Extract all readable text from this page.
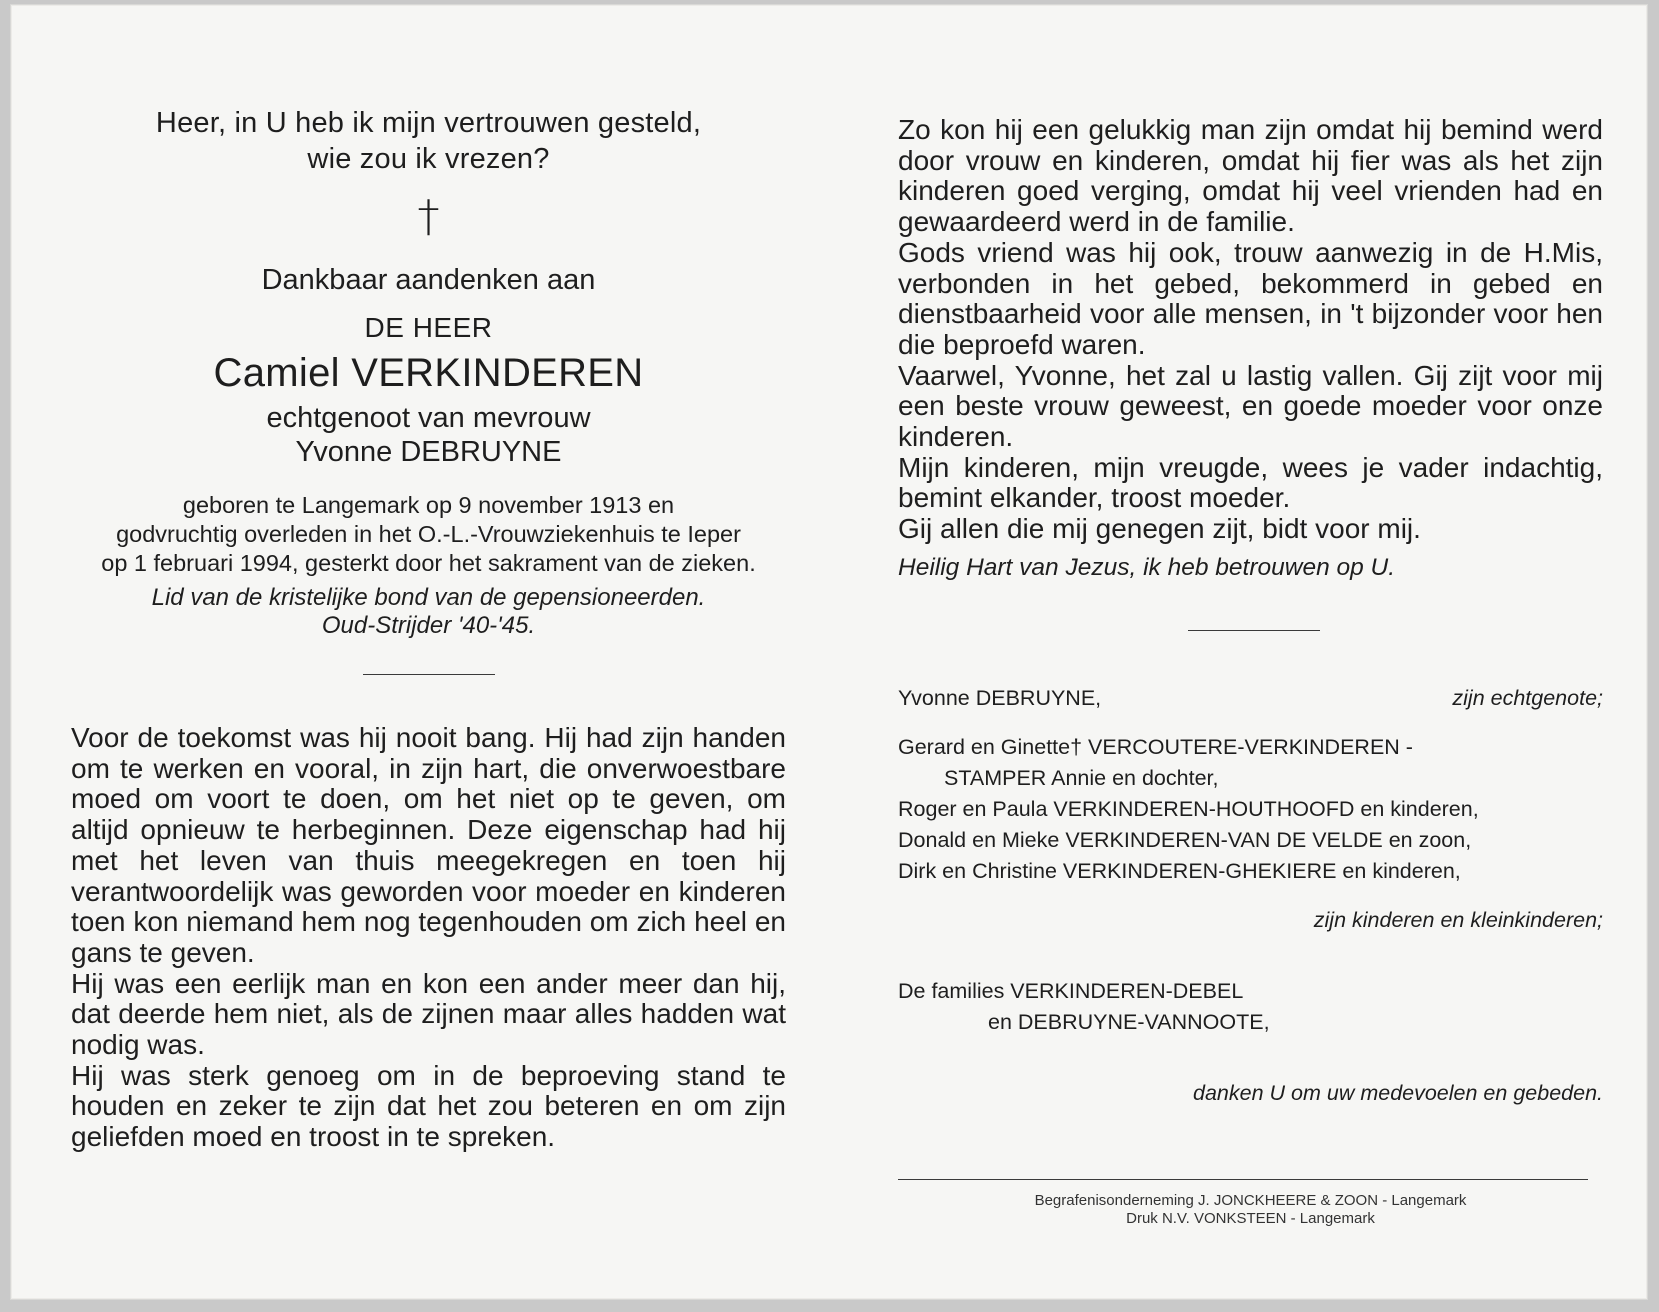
Heer, in U heb ik mijn vertrouwen gesteld,
wie zou ik vrezen?
†
Dankbaar aandenken aan
DE HEER
Camiel VERKINDEREN
echtgenoot van mevrouw
Yvonne DEBRUYNE
geboren te Langemark op 9 november 1913 en
godvruchtig overleden in het O.-L.-Vrouwziekenhuis te Ieper
op 1 februari 1994, gesterkt door het sakrament van de zieken.
Lid van de kristelijke bond van de gepensioneerden.
Oud-Strijder '40-'45.

Voor de toekomst was hij nooit bang. Hij had zijn handen om te werken en vooral, in zijn hart, die onverwoestbare moed om voort te doen, om het niet op te geven, om altijd opnieuw te herbeginnen. Deze eigenschap had hij met het leven van thuis meegekregen en toen hij verantwoordelijk was geworden voor moeder en kinderen toen kon niemand hem nog tegenhouden om zich heel en gans te geven.

Hij was een eerlijk man en kon een ander meer dan hij, dat deerde hem niet, als de zijnen maar alles hadden wat nodig was.

Hij was sterk genoeg om in de beproeving stand te houden en zeker te zijn dat het zou beteren en om zijn geliefden moed en troost in te spreken.

Zo kon hij een gelukkig man zijn omdat hij bemind werd door vrouw en kinderen, omdat hij fier was als het zijn kinderen goed verging, omdat hij veel vrienden had en gewaardeerd werd in de familie.

Gods vriend was hij ook, trouw aanwezig in de H.Mis, verbonden in het gebed, bekommerd in gebed en dienstbaarheid voor alle mensen, in 't bijzonder voor hen die beproefd waren.

Vaarwel, Yvonne, het zal u lastig vallen. Gij zijt voor mij een beste vrouw geweest, en goede moeder voor onze kinderen.

Mijn kinderen, mijn vreugde, wees je vader indachtig, bemint elkander, troost moeder.

Gij allen die mij genegen zijt, bidt voor mij.

Heilig Hart van Jezus, ik heb betrouwen op U.
Yvonne DEBRUYNE,	zijn echtgenote;
Gerard en Ginette† VERCOUTERE-VERKINDEREN -
STAMPER Annie en dochter,
Roger en Paula VERKINDEREN-HOUTHOOFD en kinderen,
Donald en Mieke VERKINDEREN-VAN DE VELDE en zoon,
Dirk en Christine VERKINDEREN-GHEKIERE en kinderen,
zijn kinderen en kleinkinderen;
De families VERKINDEREN-DEBEL
en DEBRUYNE-VANNOOTE,
danken U om uw medevoelen en gebeden.
Begrafenisonderneming J. JONCKHEERE & ZOON - Langemark
Druk N.V. VONKSTEEN - Langemark
